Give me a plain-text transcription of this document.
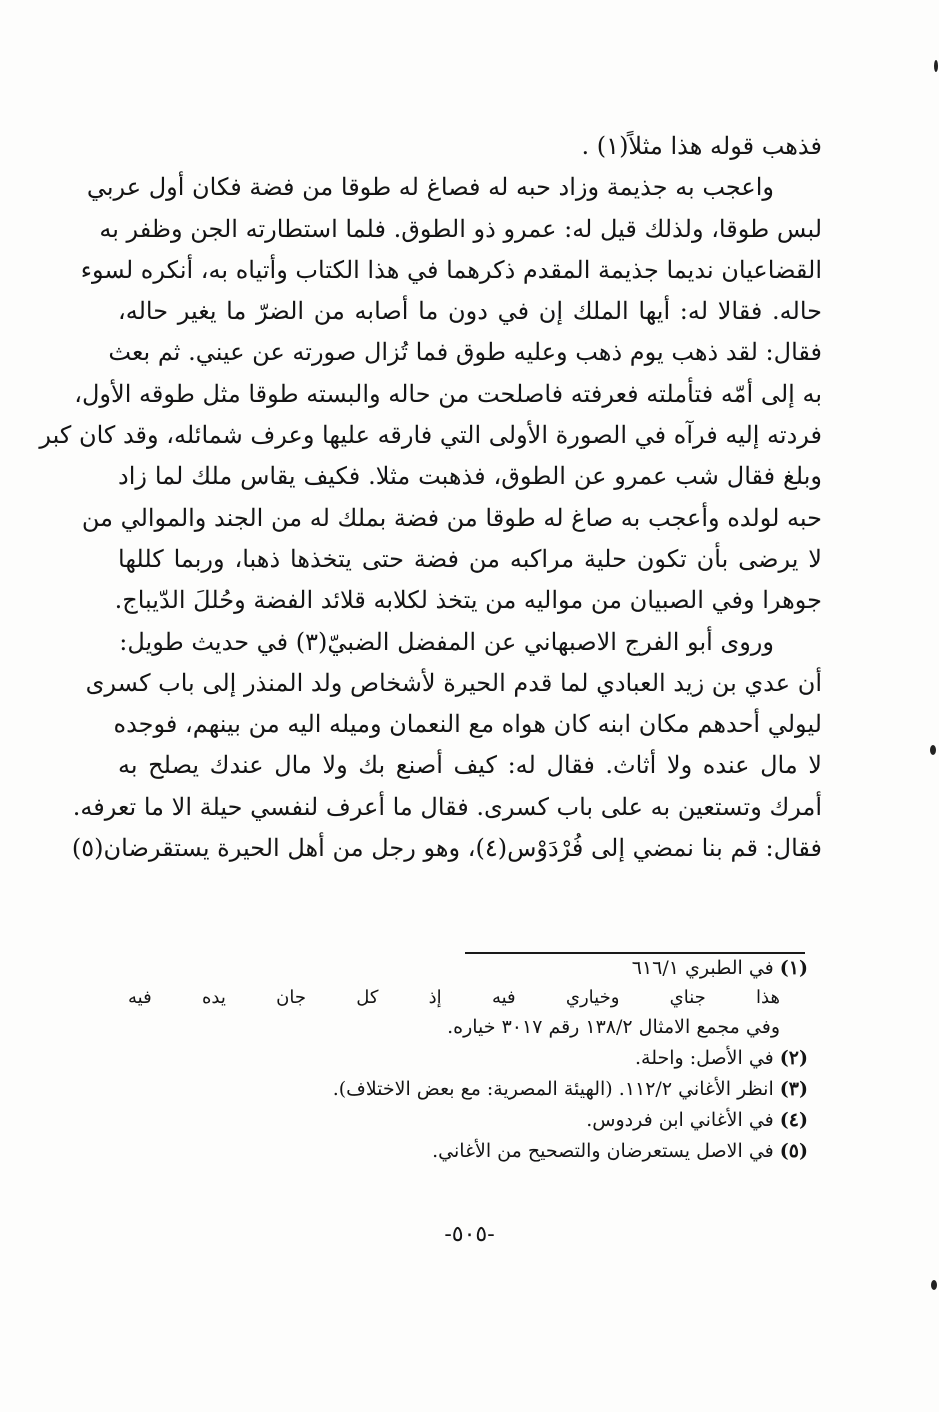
فذهب قوله هذا مثلاً(١) .
واعجب به جذيمة وزاد حبه له فصاغ له طوقا من فضة فكان أول عربي
لبس طوقا، ولذلك قيل له: عمرو ذو الطوق. فلما استطارته الجن وظفر به
القضاعيان نديما جذيمة المقدم ذكرهما في هذا الكتاب وأتياه به، أنكره لسوء
حاله. فقالا له: أيها الملك إن في دون ما أصابه من الضرّ ما يغير حاله،
فقال: لقد ذهب يوم ذهب وعليه طوق فما تُزال صورته عن عيني. ثم بعث
به إلى أمّه فتأملته فعرفته فاصلحت من حاله والبسته طوقا مثل طوقه الأول،
فردته إليه فرآه في الصورة الأولى التي فارقه عليها وعرف شمائله، وقد كان كبر
وبلغ فقال شب عمرو عن الطوق، فذهبت مثلا. فكيف يقاس ملك لما زاد
حبه لولده وأعجب به صاغ له طوقا من فضة بملك له من الجند والموالي من
لا يرضى بأن تكون حلية مراكبه من فضة حتى يتخذها ذهبا، وربما كللها
جوهرا وفي الصبيان من مواليه من يتخذ لكلابه قلائد الفضة وحُللَ الدّيباج.
وروى أبو الفرج الاصبهاني عن المفضل الضبيّ(٣) في حديث طويل:
أن عدي بن زيد العبادي لما قدم الحيرة لأشخاص ولد المنذر إلى باب كسرى
ليولي أحدهم مكان ابنه كان هواه مع النعمان وميله اليه من بينهم، فوجده
لا مال عنده ولا أثاث. فقال له: كيف أصنع بك ولا مال عندك يصلح به
أمرك وتستعين به على باب كسرى. فقال ما أعرف لنفسي حيلة الا ما تعرفه.
فقال: قم بنا نمضي إلى فُرْدَوْس(٤)، وهو رجل من أهل الحيرة يستقرضان(٥)
(١) في الطبري ٦١٦/١
هذا
جناي
وخياري
فيه
إذ
كل
جان
يده
فيه
وفي مجمع الامثال ١٣٨/٢ رقم ٣٠١٧ خياره.
(٢) في الأصل: واحلة.
(٣) انظر الأغاني ١١٢/٢. (الهيئة المصرية: مع بعض الاختلاف).
(٤) في الأغاني ابن فردوس.
(٥) في الاصل يستعرضان والتصحيح من الأغاني.
-٥٠٥-
